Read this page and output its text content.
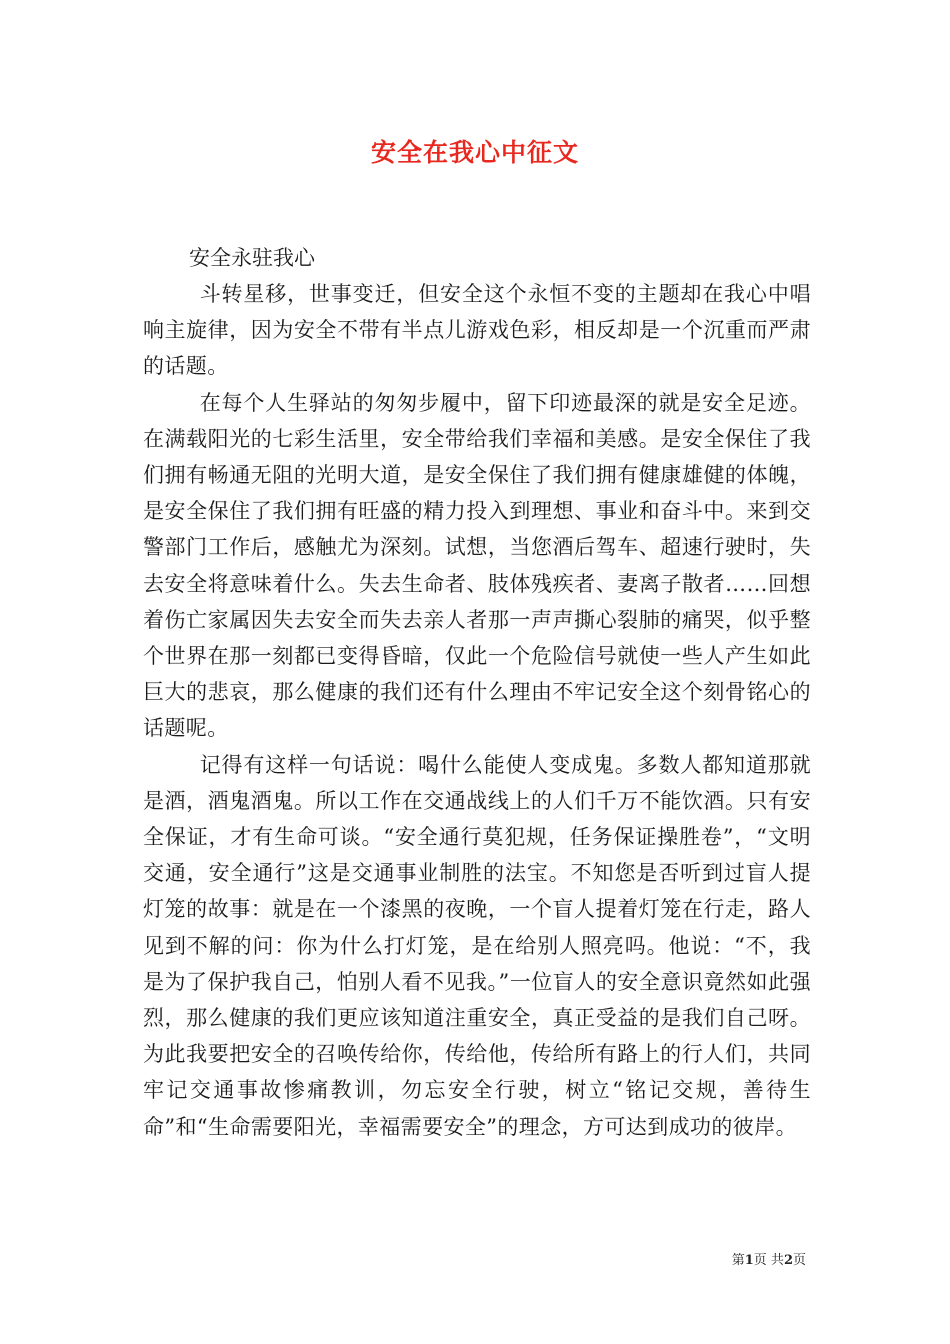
安全在我心中征文

安全永驻我心

斗转星移，世事变迁，但安全这个永恒不变的主题却在我心中唱响主旋律，因为安全不带有半点儿游戏色彩，相反却是一个沉重而严肃的话题。

在每个人生驿站的匆匆步履中，留下印迹最深的就是安全足迹。在满载阳光的七彩生活里，安全带给我们幸福和美感。是安全保住了我们拥有畅通无阻的光明大道，是安全保住了我们拥有健康雄健的体魄，是安全保住了我们拥有旺盛的精力投入到理想、事业和奋斗中。来到交警部门工作后，感触尤为深刻。试想，当您酒后驾车、超速行驶时，失去安全将意味着什么。失去生命者、肢体残疾者、妻离子散者……回想着伤亡家属因失去安全而失去亲人者那一声声撕心裂肺的痛哭，似乎整个世界在那一刻都已变得昏暗，仅此一个危险信号就使一些人产生如此巨大的悲哀，那么健康的我们还有什么理由不牢记安全这个刻骨铭心的话题呢。

记得有这样一句话说：喝什么能使人变成鬼。多数人都知道那就是酒，酒鬼酒鬼。所以工作在交通战线上的人们千万不能饮酒。只有安全保证，才有生命可谈。“安全通行莫犯规，任务保证操胜卷”，“文明交通，安全通行”这是交通事业制胜的法宝。不知您是否听到过盲人提灯笼的故事：就是在一个漆黑的夜晚，一个盲人提着灯笼在行走，路人见到不解的问：你为什么打灯笼，是在给别人照亮吗。他说：“不，我是为了保护我自己，怕别人看不见我。”一位盲人的安全意识竟然如此强烈，那么健康的我们更应该知道注重安全，真正受益的是我们自己呀。为此我要把安全的召唤传给你，传给他，传给所有路上的行人们，共同牢记交通事故惨痛教训，勿忘安全行驶，树立“铭记交规，善待生命”和“生命需要阳光，幸福需要安全”的理念，方可达到成功的彼岸。

第1页 共2页
